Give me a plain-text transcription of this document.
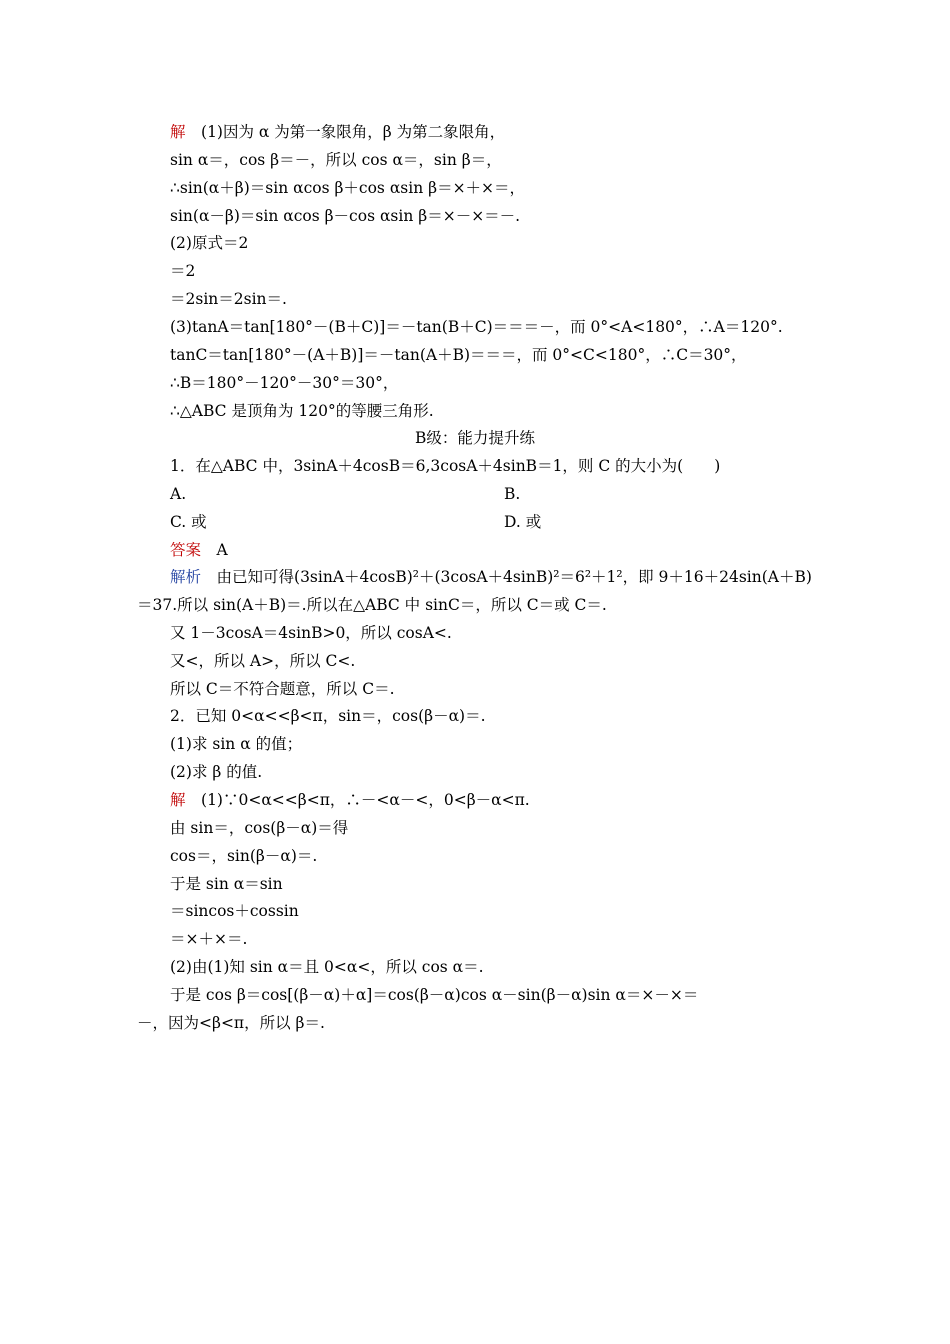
解　(1)因为 α 为第一象限角，β 为第二象限角，
sin α＝，cos β＝－，所以 cos α＝，sin β＝，
∴sin(α＋β)＝sin αcos β＋cos αsin β＝×＋×＝，
sin(α－β)＝sin αcos β－cos αsin β＝×－×＝－.
(2)原式＝2
＝2
＝2sin＝2sin＝.
(3)tanA＝tan[180°－(B＋C)]＝－tan(B＋C)＝＝＝－，而 0°<A<180°，∴A＝120°.
tanC＝tan[180°－(A＋B)]＝－tan(A＋B)＝＝＝，而 0°<C<180°，∴C＝30°，
∴B＝180°－120°－30°＝30°，
∴△ABC 是顶角为 120°的等腰三角形.
B级：能力提升练
1．在△ABC 中，3sinA＋4cosB＝6,3cosA＋4sinB＝1，则 C 的大小为(　　)
A.	B.
C. 或	D. 或
答案　A
解析　由已知可得(3sinA＋4cosB)²＋(3cosA＋4sinB)²＝6²＋1²，即 9＋16＋24sin(A＋B)
＝37.所以 sin(A＋B)＝.所以在△ABC 中 sinC＝，所以 C＝或 C＝.
又 1－3cosA＝4sinB>0，所以 cosA<.
又<，所以 A>，所以 C<.
所以 C＝不符合题意，所以 C＝.
2．已知 0<α<<β<π，sin＝，cos(β－α)＝.
(1)求 sin α 的值；
(2)求 β 的值.
解　(1)∵0<α<<β<π，∴－<α－<，0<β－α<π.
由 sin＝，cos(β－α)＝得
cos＝，sin(β－α)＝.
于是 sin α＝sin
＝sincos＋cossin
＝×＋×＝.
(2)由(1)知 sin α＝且 0<α<，所以 cos α＝.
于是 cos β＝cos[(β－α)＋α]＝cos(β－α)cos α－sin(β－α)sin α＝×－×＝
－，因为<β<π，所以 β＝.
